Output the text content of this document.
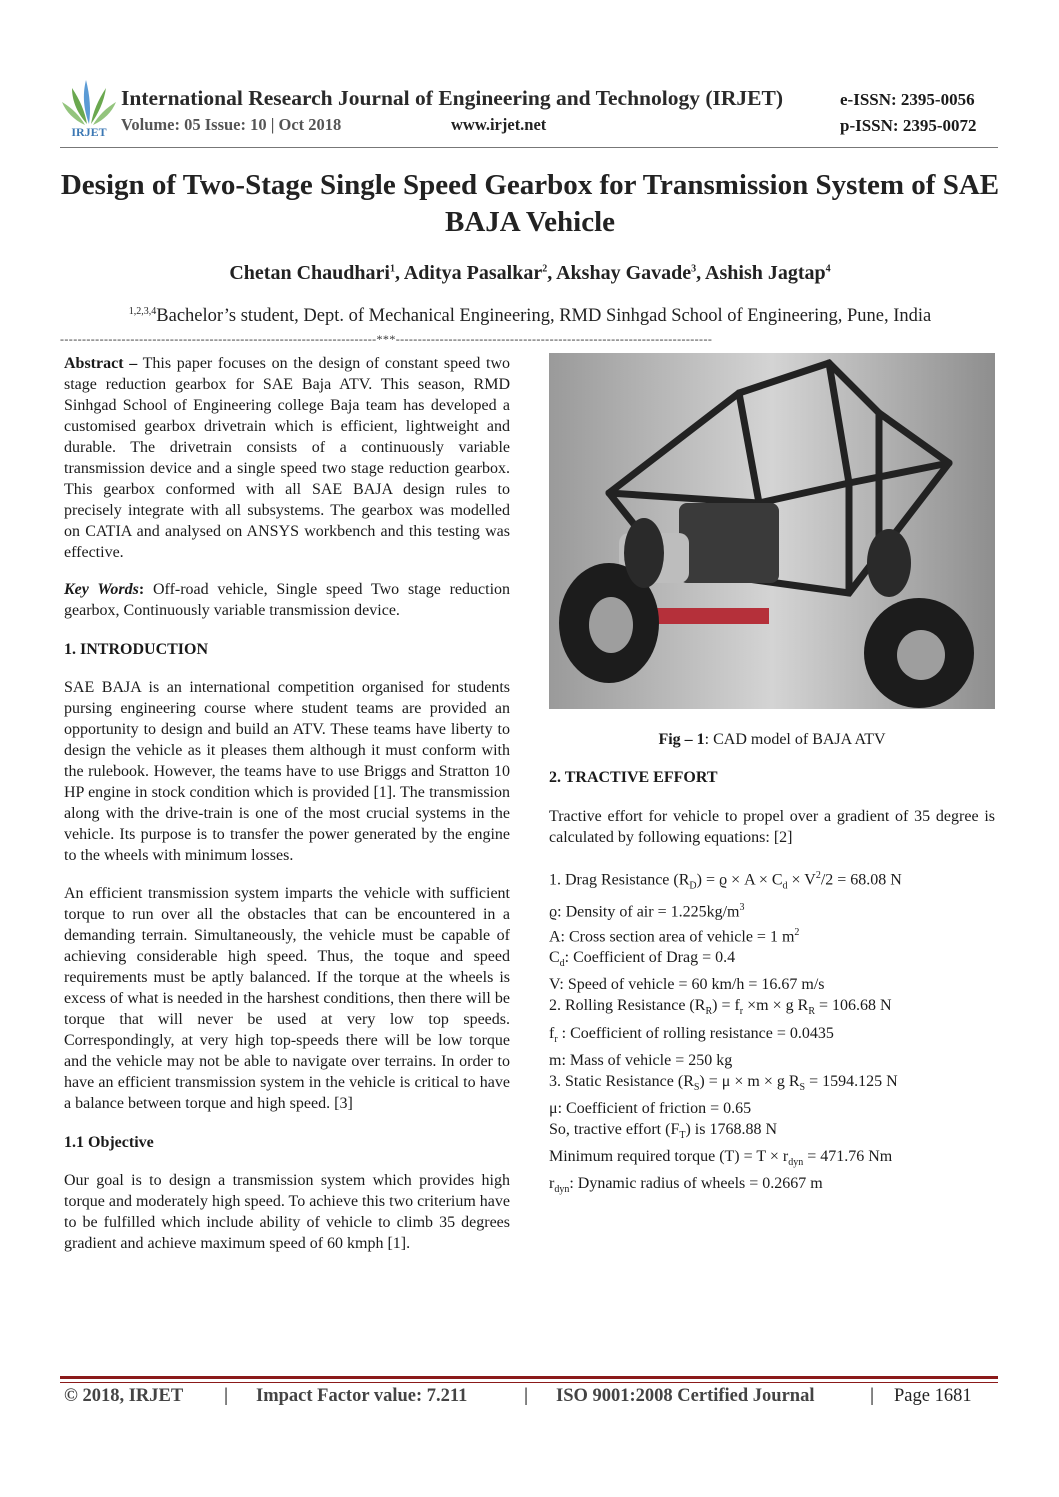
IRJET
International Research Journal of Engineering and Technology (IRJET)
Volume: 05 Issue: 10 | Oct 2018	www.irjet.net
e-ISSN: 2395-0056
p-ISSN: 2395-0072
Design of Two-Stage Single Speed Gearbox for Transmission System of SAE BAJA Vehicle
Chetan Chaudhari$^1$, Aditya Pasalkar$^2$, Akshay Gavade$^3$, Ashish Jagtap$^4$
$^{1,2,3,4}$Bachelor’s student, Dept. of Mechanical Engineering, RMD Sinhgad School of Engineering, Pune, India
------------------------------------------------------------------------***------------------------------------------------------------------------

Abstract – This paper focuses on the design of constant speed two stage reduction gearbox for SAE Baja ATV. This season, RMD Sinhgad School of Engineering college Baja team has developed a customised gearbox drivetrain which is efficient, lightweight and durable. The drivetrain consists of a continuously variable transmission device and a single speed two stage reduction gearbox. This gearbox conformed with all SAE BAJA design rules to precisely integrate with all subsystems. The gearbox was modelled on CATIA and analysed on ANSYS workbench and this testing was effective.

Key Words: Off-road vehicle, Single speed Two stage reduction gearbox, Continuously variable transmission device.

1. INTRODUCTION

SAE BAJA is an international competition organised for students pursing engineering course where student teams are provided an opportunity to design and build an ATV. These teams have liberty to design the vehicle as it pleases them although it must conform with the rulebook. However, the teams have to use Briggs and Stratton 10 HP engine in stock condition which is provided [1]. The transmission along with the drive-train is one of the most crucial systems in the vehicle. Its purpose is to transfer the power generated by the engine to the wheels with minimum losses.

An efficient transmission system imparts the vehicle with sufficient torque to run over all the obstacles that can be encountered in a demanding terrain. Simultaneously, the vehicle must be capable of achieving considerable high speed. Thus, the toque and speed requirements must be aptly balanced. If the torque at the wheels is excess of what is needed in the harshest conditions, then there will be torque that will never be used at very low top speeds. Correspondingly, at very high top-speeds there will be low torque and the vehicle may not be able to navigate over terrains. In order to have an efficient transmission system in the vehicle is critical to have a balance between torque and high speed. [3]

1.1 Objective

Our goal is to design a transmission system which provides high torque and moderately high speed. To achieve this two criterium have to be fulfilled which include ability of vehicle to climb 35 degrees gradient and achieve maximum speed of 60 kmph [1].

Fig – 1: CAD model of BAJA ATV

2. TRACTIVE EFFORT

Tractive effort for vehicle to propel over a gradient of 35 degree is calculated by following equations: [2]

1. Drag Resistance $(R_D) = ϱ \times A \times C_d \times V^2/2 = 68.08$ N

ϱ: Density of air = $1.225kg/m^3$

A: Cross section area of vehicle = 1 $m^2$

$C_d$: Coefficient of Drag = 0.4

V: Speed of vehicle = 60 km/h = 16.67 m/s

2. Rolling Resistance $(R_R) = f_r \times m \times g$ $R_R = 106.68$ N

$f_r$ : Coefficient of rolling resistance = 0.0435

m: Mass of vehicle = 250 kg

3. Static Resistance $(R_S) = \mu \times m \times g$ $R_S = 1594.125$ N

μ: Coefficient of friction = 0.65

So, tractive effort $(F_T)$ is 1768.88 N

Minimum required torque $(T) = T \times r_{dyn} = 471.76$ Nm

$r_{dyn}$: Dynamic radius of wheels = 0.2667 m

© 2018, IRJET | Impact Factor value: 7.211	| ISO 9001:2008 Certified Journal	| Page 1681
